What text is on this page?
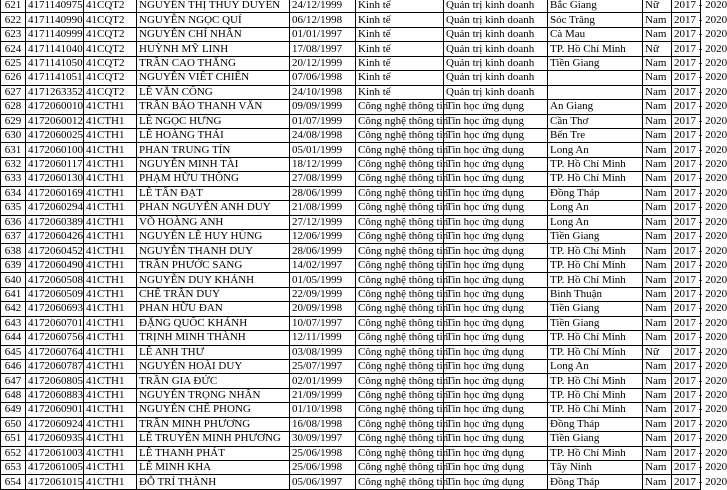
621	4171140975	41CQT2	NGUYỄN THỊ THÚY DUYÊN	24/12/1999	Kinh tế	Quản trị kinh doanh	Bắc Giang	Nữ	2017 - 2020
622	4171140990	41CQT2	NGUYỄN NGỌC QUÍ	06/12/1998	Kinh tế	Quản trị kinh doanh	Sóc Trăng	Nam	2017 - 2020
623	4171140999	41CQT2	NGUYỄN CHÍ NHÂN	01/01/1997	Kinh tế	Quản trị kinh doanh	Cà Mau	Nam	2017 - 2020
624	4171141040	41CQT2	HUỲNH MỸ LINH	17/08/1997	Kinh tế	Quản trị kinh doanh	TP. Hồ Chí Minh	Nữ	2017 - 2020
625	4171141050	41CQT2	TRẦN CAO THẮNG	20/12/1999	Kinh tế	Quản trị kinh doanh	Tiền Giang	Nam	2017 - 2020
626	4171141051	41CQT2	NGUYỄN VIẾT CHIẾN	07/06/1998	Kinh tế	Quản trị kinh doanh		Nam	2017 - 2020
627	4171263352	41CQT2	LÊ VĂN CÔNG	24/10/1998	Kinh tế	Quản trị kinh doanh		Nam	2017 - 2020
628	4172060010	41CTH1	TRẦN BẢO THANH VĂN	09/09/1999	Công nghệ thông tin	Tin học ứng dụng	An Giang	Nam	2017 - 2020
629	4172060012	41CTH1	LÊ NGỌC HƯNG	01/07/1999	Công nghệ thông tin	Tin học ứng dụng	Cần Thơ	Nam	2017 - 2020
630	4172060025	41CTH1	LÊ HOÀNG THÁI	24/08/1998	Công nghệ thông tin	Tin học ứng dụng	Bến Tre	Nam	2017 - 2020
631	4172060100	41CTH1	PHAN TRUNG TÍN	05/01/1999	Công nghệ thông tin	Tin học ứng dụng	Long An	Nam	2017 - 2020
632	4172060117	41CTH1	NGUYỄN MINH TÀI	18/12/1999	Công nghệ thông tin	Tin học ứng dụng	TP. Hồ Chí Minh	Nam	2017 - 2020
633	4172060130	41CTH1	PHẠM HỮU THÔNG	27/08/1999	Công nghệ thông tin	Tin học ứng dụng	TP. Hồ Chí Minh	Nam	2017 - 2020
634	4172060169	41CTH1	LÊ TẤN ĐẠT	28/06/1999	Công nghệ thông tin	Tin học ứng dụng	Đồng Tháp	Nam	2017 - 2020
635	4172060294	41CTH1	PHAN NGUYỄN ANH DUY	21/08/1999	Công nghệ thông tin	Tin học ứng dụng	Long An	Nam	2017 - 2020
636	4172060389	41CTH1	VÕ HOÀNG ANH	27/12/1999	Công nghệ thông tin	Tin học ứng dụng	Long An	Nam	2017 - 2020
637	4172060426	41CTH1	NGUYỄN LÊ HUY HÙNG	12/06/1999	Công nghệ thông tin	Tin học ứng dụng	Tiền Giang	Nam	2017 - 2020
638	4172060452	41CTH1	NGUYỄN THANH DUY	28/06/1999	Công nghệ thông tin	Tin học ứng dụng	TP. Hồ Chí Minh	Nam	2017 - 2020
639	4172060490	41CTH1	TRẦN PHƯỚC SANG	14/02/1997	Công nghệ thông tin	Tin học ứng dụng	TP. Hồ Chí Minh	Nam	2017 - 2020
640	4172060508	41CTH1	NGUYỄN DUY KHÁNH	01/05/1999	Công nghệ thông tin	Tin học ứng dụng	TP. Hồ Chí Minh	Nam	2017 - 2020
641	4172060509	41CTH1	CHẾ TRẦN DUY	22/09/1999	Công nghệ thông tin	Tin học ứng dụng	Bình Thuận	Nam	2017 - 2020
642	4172060693	41CTH1	PHAN HỮU ĐAN	20/09/1998	Công nghệ thông tin	Tin học ứng dụng	Tiền Giang	Nam	2017 - 2020
643	4172060701	41CTH1	ĐẶNG QUỐC KHÁNH	10/07/1997	Công nghệ thông tin	Tin học ứng dụng	Tiền Giang	Nam	2017 - 2020
644	4172060756	41CTH1	TRỊNH MINH THÀNH	12/11/1999	Công nghệ thông tin	Tin học ứng dụng	TP. Hồ Chí Minh	Nam	2017 - 2020
645	4172060764	41CTH1	LÊ ANH THƯ	03/08/1999	Công nghệ thông tin	Tin học ứng dụng	TP. Hồ Chí Minh	Nữ	2017 - 2020
646	4172060787	41CTH1	NGUYỄN HOÀI DUY	25/07/1997	Công nghệ thông tin	Tin học ứng dụng	Long An	Nam	2017 - 2020
647	4172060805	41CTH1	TRẦN GIA ĐỨC	02/01/1999	Công nghệ thông tin	Tin học ứng dụng	TP. Hồ Chí Minh	Nam	2017 - 2020
648	4172060883	41CTH1	NGUYỄN TRỌNG NHÂN	21/09/1999	Công nghệ thông tin	Tin học ứng dụng	TP. Hồ Chí Minh	Nam	2017 - 2020
649	4172060901	41CTH1	NGUYỄN CHẾ PHONG	01/10/1998	Công nghệ thông tin	Tin học ứng dụng	TP. Hồ Chí Minh	Nam	2017 - 2020
650	4172060924	41CTH1	TRẦN MINH PHƯƠNG	16/08/1998	Công nghệ thông tin	Tin học ứng dụng	Đồng Tháp	Nam	2017 - 2020
651	4172060935	41CTH1	LÊ TRUYỀN MINH PHƯƠNG	30/09/1997	Công nghệ thông tin	Tin học ứng dụng	Tiền Giang	Nam	2017 - 2020
652	4172061003	41CTH1	LÊ THANH PHÁT	25/06/1998	Công nghệ thông tin	Tin học ứng dụng	TP. Hồ Chí Minh	Nam	2017 - 2020
653	4172061005	41CTH1	LÊ MINH KHA	25/06/1998	Công nghệ thông tin	Tin học ứng dụng	Tây Ninh	Nam	2017 - 2020
654	4172061015	41CTH1	ĐỖ TRÍ THÀNH	05/06/1997	Công nghệ thông tin	Tin học ứng dụng	Đồng Tháp	Nam	2017 - 2020
